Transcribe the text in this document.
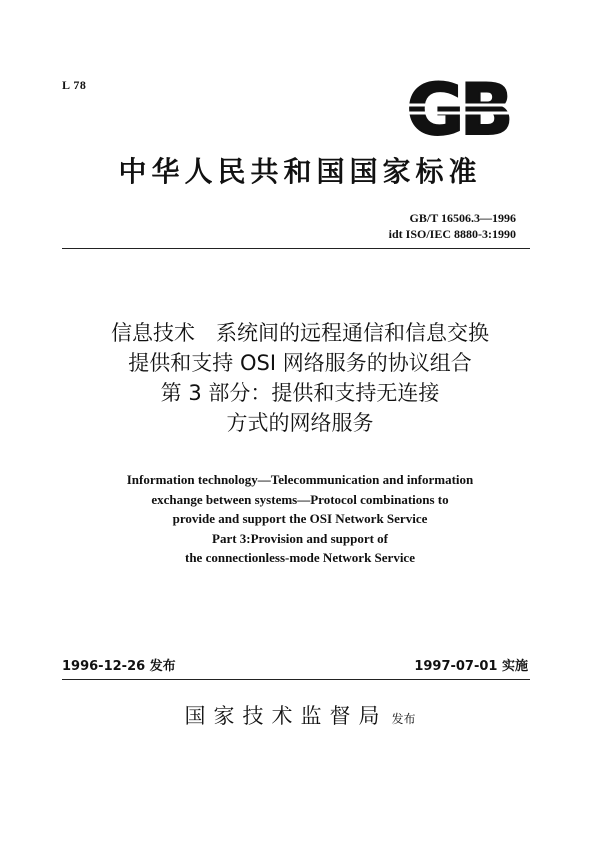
L 78	GB
中华人民共和国国家标准
GB/T 16506.3—1996
idt ISO/IEC 8880-3:1990
信息技术　系统间的远程通信和信息交换
提供和支持 OSI 网络服务的协议组合
第 3 部分：提供和支持无连接
方式的网络服务
Information technology—Telecommunication and information
exchange between systems—Protocol combinations to
provide and support the OSI Network Service
Part 3:Provision and support of
the connectionless-mode Network Service
1996-12-26 发布	1997-07-01 实施
国家技术监督局 发布
